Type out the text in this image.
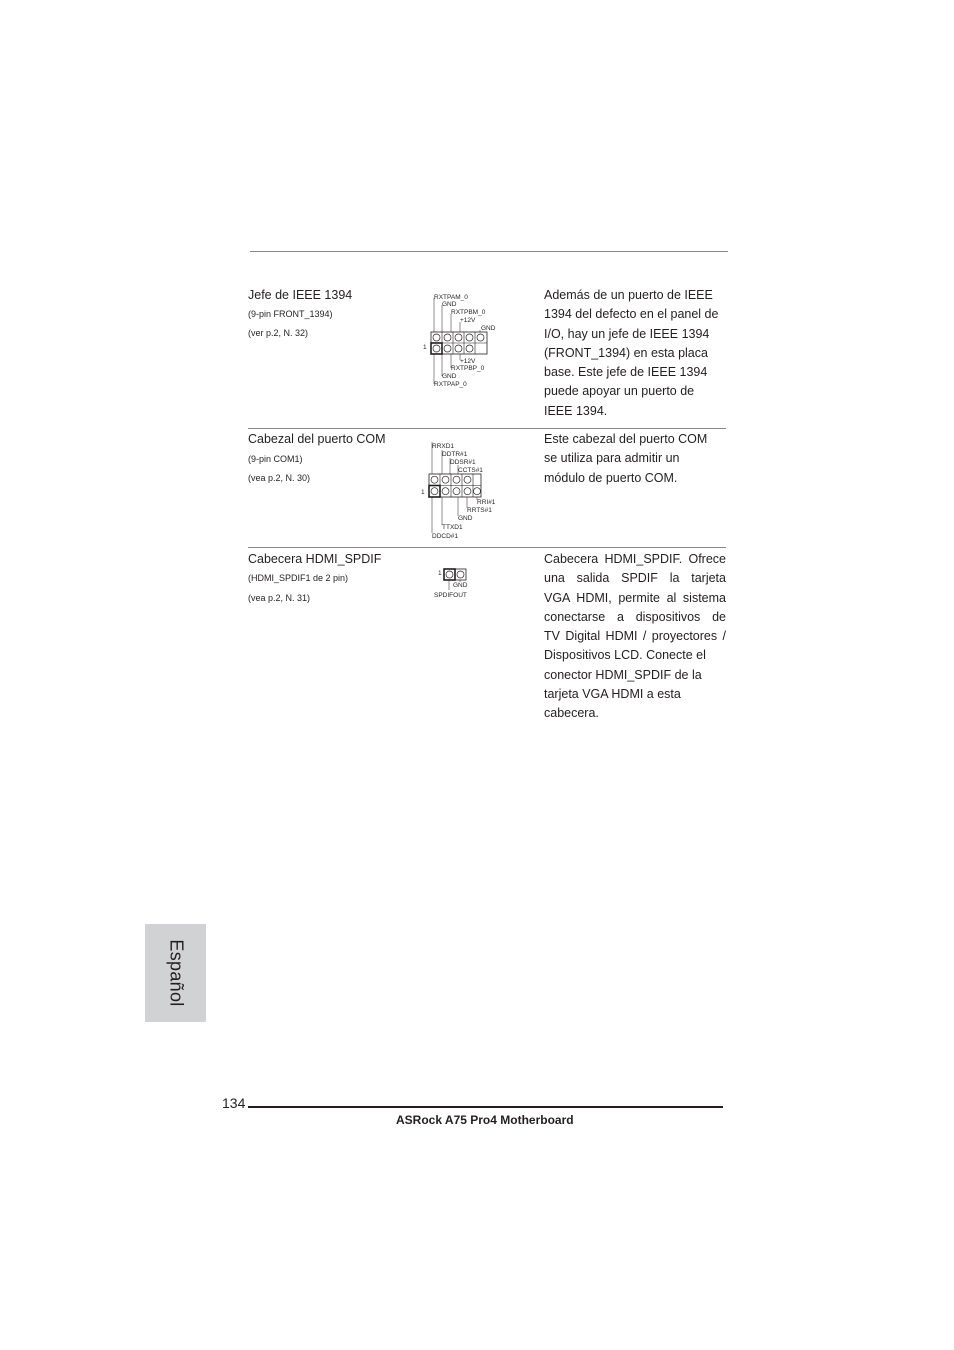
Jefe de IEEE 1394
(9-pin FRONT_1394)
(ver p.2, N. 32)
1
RXTPAM_0
GND
RXTPBM_0
+12V
GND
+12V
RXTPBP_0
GND
RXTPAP_0
Además de un puerto de IEEE
1394 del defecto en el panel de
I/O, hay un jefe de IEEE 1394
(FRONT_1394) en esta placa
base. Este jefe de IEEE 1394
puede apoyar un puerto de
IEEE 1394.
Cabezal del puerto COM
(9-pin COM1)
(vea p.2, N. 30)
1
RRXD1
DDTR#1
DDSR#1
CCTS#1
RRI#1
RRTS#1
GND
TTXD1
DDCD#1
Este cabezal del puerto COM
se utiliza para admitir un
módulo de puerto COM.
Cabecera HDMI_SPDIF
(HDMI_SPDIF1 de 2 pin)
(vea p.2, N. 31)
1
GND
SPDIFOUT
Cabecera HDMI_SPDIF. Ofrece
una salida SPDIF la tarjeta
VGA HDMI, permite al sistema
conectarse a dispositivos de
TV Digital HDMI / proyectores /
Dispositivos LCD. Conecte el
conector HDMI_SPDIF de la
tarjeta VGA HDMI a esta
cabecera.
Español
134
ASRock A75 Pro4 Motherboard
